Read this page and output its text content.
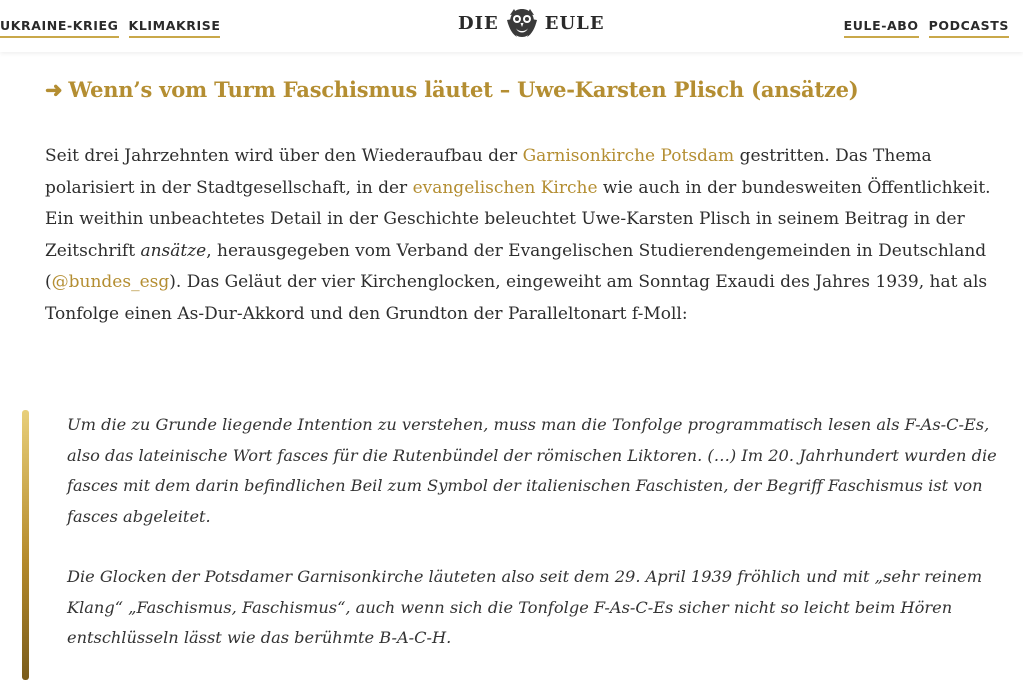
UKRAINE-KRIEG KLIMAKRISE	DIE	EULE	EULE-ABO PODCASTS
➜ Wenn’s vom Turm Faschismus läutet – Uwe-Karsten Plisch (ansätze)

Seit drei Jahrzehnten wird über den Wiederaufbau der Garnisonkirche Potsdam gestritten. Das Thema polarisiert in der Stadtgesellschaft, in der evangelischen Kirche wie auch in der bundesweiten Öffentlichkeit. Ein weithin unbeachtetes Detail in der Geschichte beleuchtet Uwe-Karsten Plisch in seinem Beitrag in der Zeitschrift ansätze, herausgegeben vom Verband der Evangelischen Studierendengemeinden in Deutschland (@bundes_esg). Das Geläut der vier Kirchenglocken, eingeweiht am Sonntag Exaudi des Jahres 1939, hat als Tonfolge einen As-Dur-Akkord und den Grundton der Paralleltonart f-Moll:

Um die zu Grunde liegende Intention zu verstehen, muss man die Tonfolge programmatisch lesen als F-As-C-Es, also das lateinische Wort fasces für die Rutenbündel der römischen Liktoren. (…) Im 20. Jahrhundert wurden die fasces mit dem darin befindlichen Beil zum Symbol der italienischen Faschisten, der Begriff Faschismus ist von fasces abgeleitet.

Die Glocken der Potsdamer Garnisonkirche läuteten also seit dem 29. April 1939 fröhlich und mit „sehr reinem Klang“ „Faschismus, Faschismus“, auch wenn sich die Tonfolge F-As-C-Es sicher nicht so leicht beim Hören entschlüsseln lässt wie das berühmte B-A-C-H.
